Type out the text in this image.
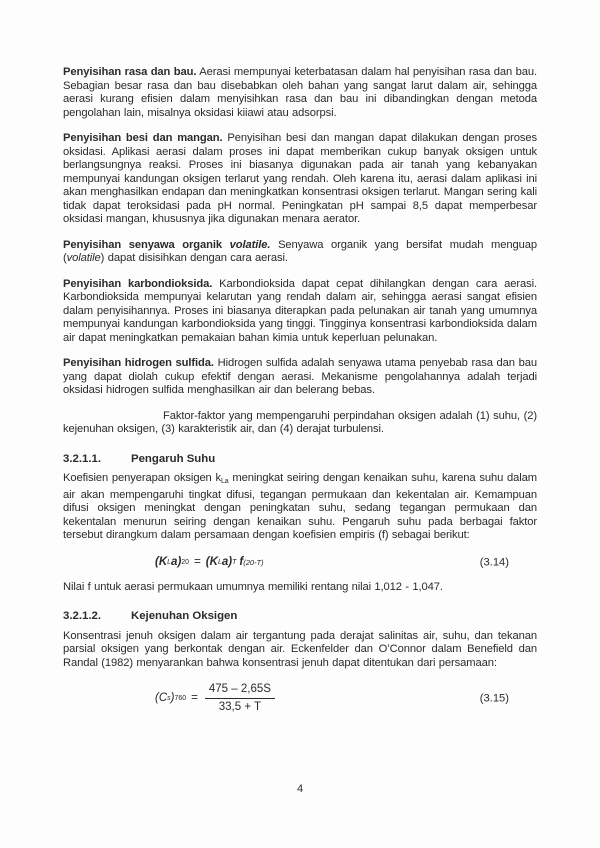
Penyisihan rasa dan bau. Aerasi mempunyai keterbatasan dalam hal penyisihan rasa dan bau. Sebagian besar rasa dan bau disebabkan oleh bahan yang sangat larut dalam air, sehingga aerasi kurang efisien dalam menyisihkan rasa dan bau ini dibandingkan dengan metoda pengolahan lain, misalnya oksidasi kiiawi atau adsorpsi.

Penyisihan besi dan mangan. Penyisihan besi dan mangan dapat dilakukan dengan proses oksidasi. Aplikasi aerasi dalam proses ini dapat memberikan cukup banyak oksigen untuk berlangsungnya reaksi. Proses ini biasanya digunakan pada air tanah yang kebanyakan mempunyai kandungan oksigen terlarut yang rendah. Oleh karena itu, aerasi dalam aplikasi ini akan menghasilkan endapan dan meningkatkan konsentrasi oksigen terlarut. Mangan sering kali tidak dapat teroksidasi pada pH normal. Peningkatan pH sampai 8,5 dapat memperbesar oksidasi mangan, khususnya jika digunakan menara aerator.

Penyisihan senyawa organik volatile. Senyawa organik yang bersifat mudah menguap (volatile) dapat disisihkan dengan cara aerasi.

Penyisihan karbondioksida. Karbondioksida dapat cepat dihilangkan dengan cara aerasi. Karbondioksida mempunyai kelarutan yang rendah dalam air, sehingga aerasi sangat efisien dalam penyisihannya. Proses ini biasanya diterapkan pada pelunakan air tanah yang umumnya mempunyai kandungan karbondioksida yang tinggi. Tingginya konsentrasi karbondioksida dalam air dapat meningkatkan pemakaian bahan kimia untuk keperluan pelunakan.

Penyisihan hidrogen sulfida. Hidrogen sulfida adalah senyawa utama penyebab rasa dan bau yang dapat diolah cukup efektif dengan aerasi. Mekanisme pengolahannya adalah terjadi oksidasi hidrogen sulfida menghasilkan air dan belerang bebas.

Faktor-faktor yang mempengaruhi perpindahan oksigen adalah (1) suhu, (2) kejenuhan oksigen, (3) karakteristik air, dan (4) derajat turbulensi.

3.2.1.1.	Pengaruh Suhu

Koefisien penyerapan oksigen kLa meningkat seiring dengan kenaikan suhu, karena suhu dalam air akan mempengaruhi tingkat difusi, tegangan permukaan dan kekentalan air. Kemampuan difusi oksigen meningkat dengan peningkatan suhu, sedang tegangan permukaan dan kekentalan menurun seiring dengan kenaikan suhu. Pengaruh suhu pada berbagai faktor tersebut dirangkum dalam persamaan dengan koefisien empiris (f) sebagai berikut:

(K L a) 20 = (K L a) T f (20-T)	(3.14)

Nilai f untuk aerasi permukaan umumnya memiliki rentang nilai 1,012 - 1,047.

3.2.1.2.	Kejenuhan Oksigen

Konsentrasi jenuh oksigen dalam air tergantung pada derajat salinitas air, suhu, dan tekanan parsial oksigen yang berkontak dengan air. Eckenfelder dan O’Connor dalam Benefield dan Randal (1982) menyarankan bahwa konsentrasi jenuh dapat ditentukan dari persamaan:

(C s ) $760 = \frac{475 - 2,65S}{33,5 + T}$	(3.15)
4
